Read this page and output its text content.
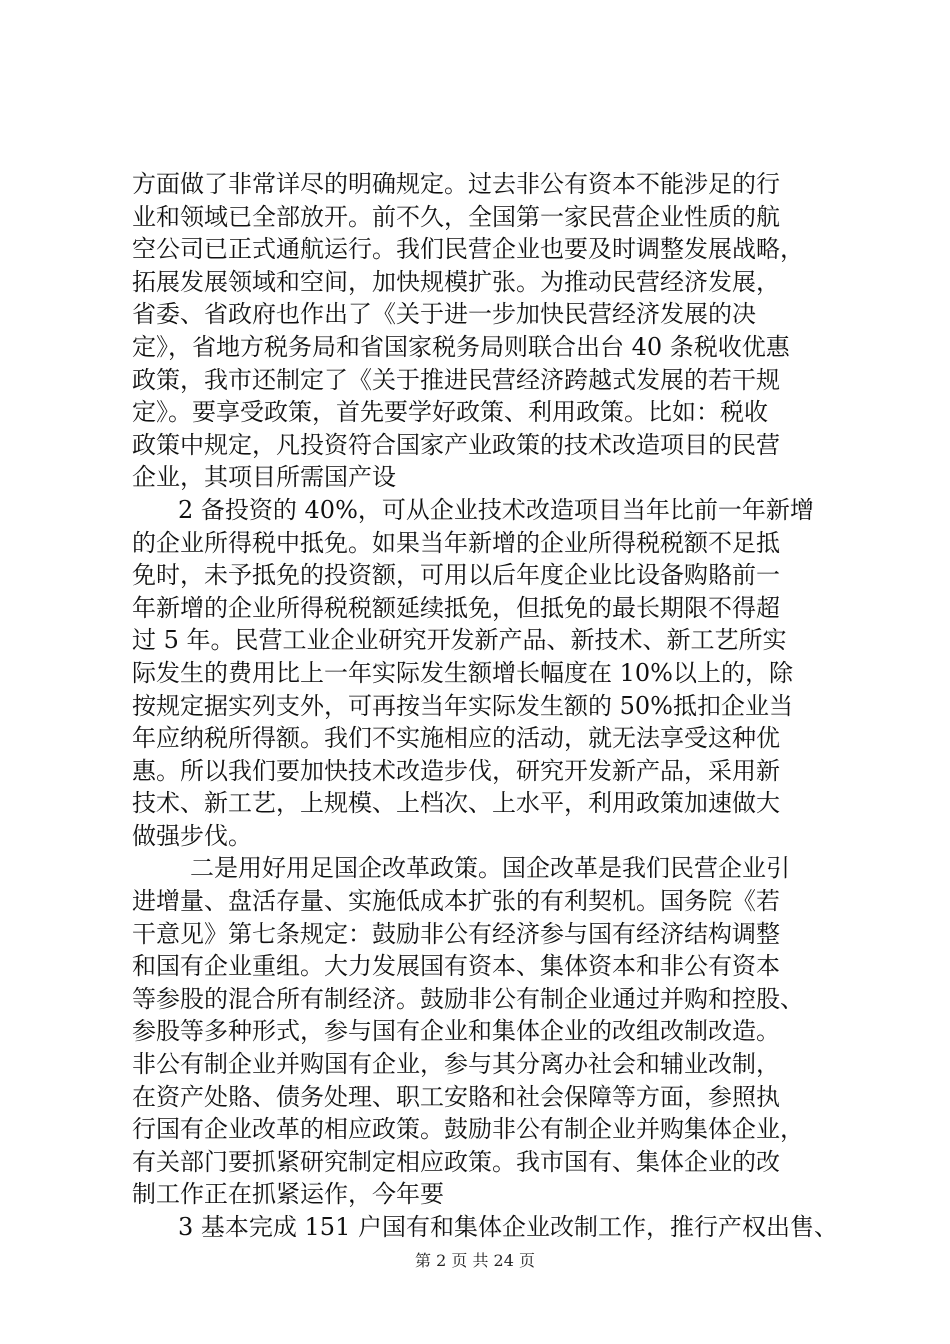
方面做了非常详尽的明确规定。过去非公有资本不能涉足的行
业和领域已全部放开。前不久，全国第一家民营企业性质的航
空公司已正式通航运行。我们民营企业也要及时调整发展战略，
拓展发展领域和空间，加快规模扩张。为推动民营经济发展，
省委、省政府也作出了《关于进一步加快民营经济发展的决
定》，省地方税务局和省国家税务局则联合出台 40 条税收优惠
政策，我市还制定了《关于推进民营经济跨越式发展的若干规
定》。要享受政策，首先要学好政策、利用政策。比如：税收
政策中规定，凡投资符合国家产业政策的技术改造项目的民营
企业，其项目所需国产设
2 备投资的 40%，可从企业技术改造项目当年比前一年新增
的企业所得税中抵免。如果当年新增的企业所得税税额不足抵
免时，未予抵免的投资额，可用以后年度企业比设备购賂前一
年新增的企业所得税税额延续抵免，但抵免的最长期限不得超
过 5 年。民营工业企业研究开发新产品、新技术、新工艺所实
际发生的费用比上一年实际发生额增长幅度在 10%以上的，除
按规定据实列支外，可再按当年实际发生额的 50%抵扣企业当
年应纳税所得额。我们不实施相应的活动，就无法享受这种优
惠。所以我们要加快技术改造步伐，研究开发新产品，采用新
技术、新工艺，上规模、上档次、上水平，利用政策加速做大
做强步伐。
二是用好用足国企改革政策。国企改革是我们民营企业引
进增量、盘活存量、实施低成本扩张的有利契机。国务院《若
干意见》第七条规定：鼓励非公有经济参与国有经济结构调整
和国有企业重组。大力发展国有资本、集体资本和非公有资本
等参股的混合所有制经济。鼓励非公有制企业通过并购和控股、
参股等多种形式，参与国有企业和集体企业的改组改制改造。
非公有制企业并购国有企业，参与其分离办社会和辅业改制，
在资产处賂、债务处理、职工安賂和社会保障等方面，参照执
行国有企业改革的相应政策。鼓励非公有制企业并购集体企业，
有关部门要抓紧研究制定相应政策。我市国有、集体企业的改
制工作正在抓紧运作，今年要
3 基本完成 151 户国有和集体企业改制工作，推行产权出售、
第 2 页 共 24 页
